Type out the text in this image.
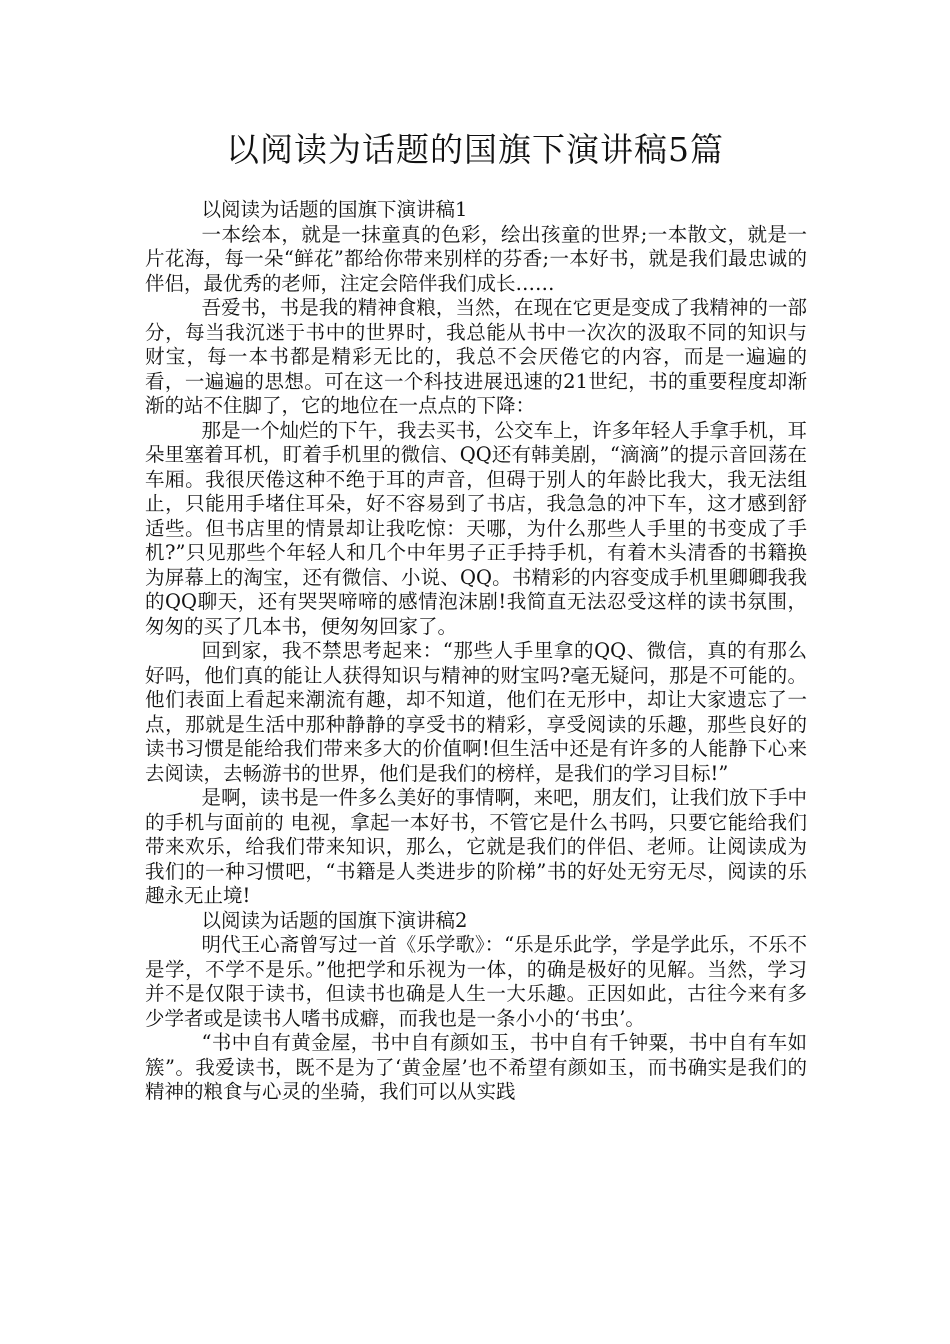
以阅读为话题的国旗下演讲稿5篇

以阅读为话题的国旗下演讲稿1

一本绘本，就是一抹童真的色彩，绘出孩童的世界;一本散文，就是一片花海，每一朵“鲜花”都给你带来别样的芬香;一本好书，就是我们最忠诚的伴侣，最优秀的老师，注定会陪伴我们成长……

吾爱书，书是我的精神食粮，当然，在现在它更是变成了我精神的一部分，每当我沉迷于书中的世界时，我总能从书中一次次的汲取不同的知识与财宝，每一本书都是精彩无比的，我总不会厌倦它的内容，而是一遍遍的看，一遍遍的思想。可在这一个科技进展迅速的21世纪，书的重要程度却渐渐的站不住脚了，它的地位在一点点的下降：

那是一个灿烂的下午，我去买书，公交车上，许多年轻人手拿手机，耳朵里塞着耳机，盯着手机里的微信、QQ还有韩美剧，“滴滴”的提示音回荡在车厢。我很厌倦这种不绝于耳的声音，但碍于别人的年龄比我大，我无法组止，只能用手堵住耳朵，好不容易到了书店，我急急的冲下车，这才感到舒适些。但书店里的情景却让我吃惊：天哪，为什么那些人手里的书变成了手机?”只见那些个年轻人和几个中年男子正手持手机，有着木头清香的书籍换为屏幕上的淘宝，还有微信、小说、QQ。书精彩的内容变成手机里卿卿我我的QQ聊天，还有哭哭啼啼的感情泡沫剧!我简直无法忍受这样的读书氛围，匆匆的买了几本书，便匆匆回家了。

回到家，我不禁思考起来：“那些人手里拿的QQ、微信，真的有那么好吗，他们真的能让人获得知识与精神的财宝吗?毫无疑问，那是不可能的。他们表面上看起来潮流有趣，却不知道，他们在无形中，却让大家遗忘了一点，那就是生活中那种静静的享受书的精彩，享受阅读的乐趣，那些良好的读书习惯是能给我们带来多大的价值啊!但生活中还是有许多的人能静下心来去阅读，去畅游书的世界，他们是我们的榜样，是我们的学习目标!”

是啊，读书是一件多么美好的事情啊，来吧，朋友们，让我们放下手中的手机与面前的 电视，拿起一本好书，不管它是什么书吗，只要它能给我们带来欢乐，给我们带来知识，那么，它就是我们的伴侣、老师。让阅读成为我们的一种习惯吧，“书籍是人类进步的阶梯”书的好处无穷无尽，阅读的乐趣永无止境!

以阅读为话题的国旗下演讲稿2

明代王心斋曾写过一首《乐学歌》：“乐是乐此学，学是学此乐，不乐不是学，不学不是乐。”他把学和乐视为一体，的确是极好的见解。当然，学习并不是仅限于读书，但读书也确是人生一大乐趣。正因如此，古往今来有多少学者或是读书人嗜书成癖，而我也是一条小小的‘书虫’。

“书中自有黄金屋，书中自有颜如玉，书中自有千钟粟，书中自有车如簇”。我爱读书，既不是为了‘黄金屋’也不希望有颜如玉，而书确实是我们的精神的粮食与心灵的坐骑，我们可以从实践
